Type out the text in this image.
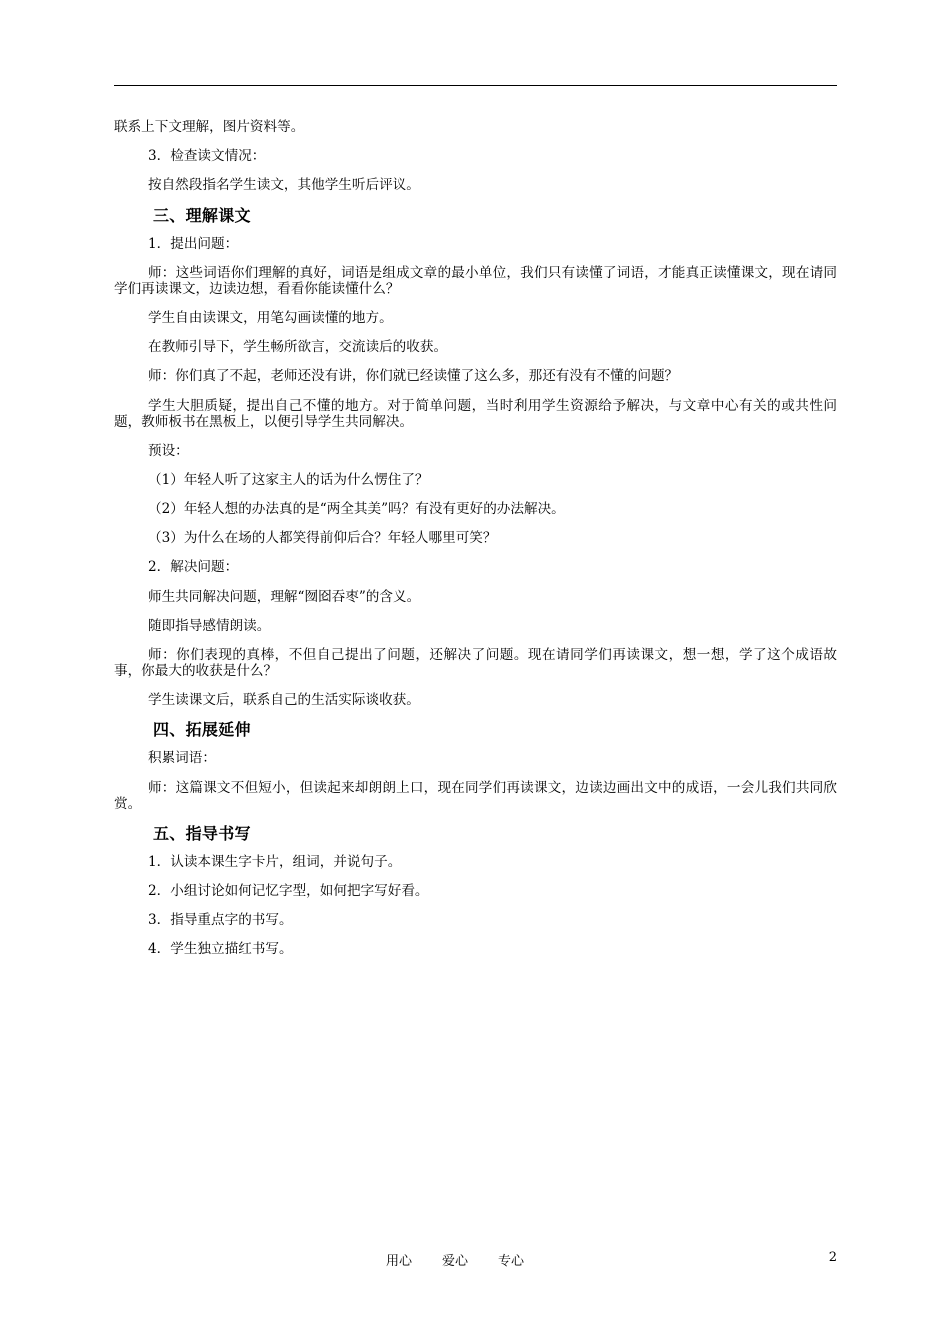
联系上下文理解，图片资料等。
3．检查读文情况：
按自然段指名学生读文，其他学生听后评议。
三、理解课文
1．提出问题：
师：这些词语你们理解的真好，词语是组成文章的最小单位，我们只有读懂了词语，才能真正读懂课文，现在请同学们再读课文，边读边想，看看你能读懂什么？
学生自由读课文，用笔勾画读懂的地方。
在教师引导下，学生畅所欲言，交流读后的收获。
师：你们真了不起，老师还没有讲，你们就已经读懂了这么多，那还有没有不懂的问题？
学生大胆质疑，提出自己不懂的地方。对于简单问题，当时利用学生资源给予解决，与文章中心有关的或共性问题，教师板书在黑板上，以便引导学生共同解决。
预设：
（1）年轻人听了这家主人的话为什么愣住了？
（2）年轻人想的办法真的是“两全其美”吗？有没有更好的办法解决。
（3）为什么在场的人都笑得前仰后合？年轻人哪里可笑？
2．解决问题：
师生共同解决问题，理解“囫囵吞枣”的含义。
随即指导感情朗读。
师：你们表现的真棒，不但自己提出了问题，还解决了问题。现在请同学们再读课文，想一想，学了这个成语故事，你最大的收获是什么？
学生读课文后，联系自己的生活实际谈收获。
四、拓展延伸
积累词语：
师：这篇课文不但短小，但读起来却朗朗上口，现在同学们再读课文，边读边画出文中的成语，一会儿我们共同欣赏。
五、指导书写
1．认读本课生字卡片，组词，并说句子。
2．小组讨论如何记忆字型，如何把字写好看。
3．指导重点字的书写。
4．学生独立描红书写。
用心 爱心 专心	2
